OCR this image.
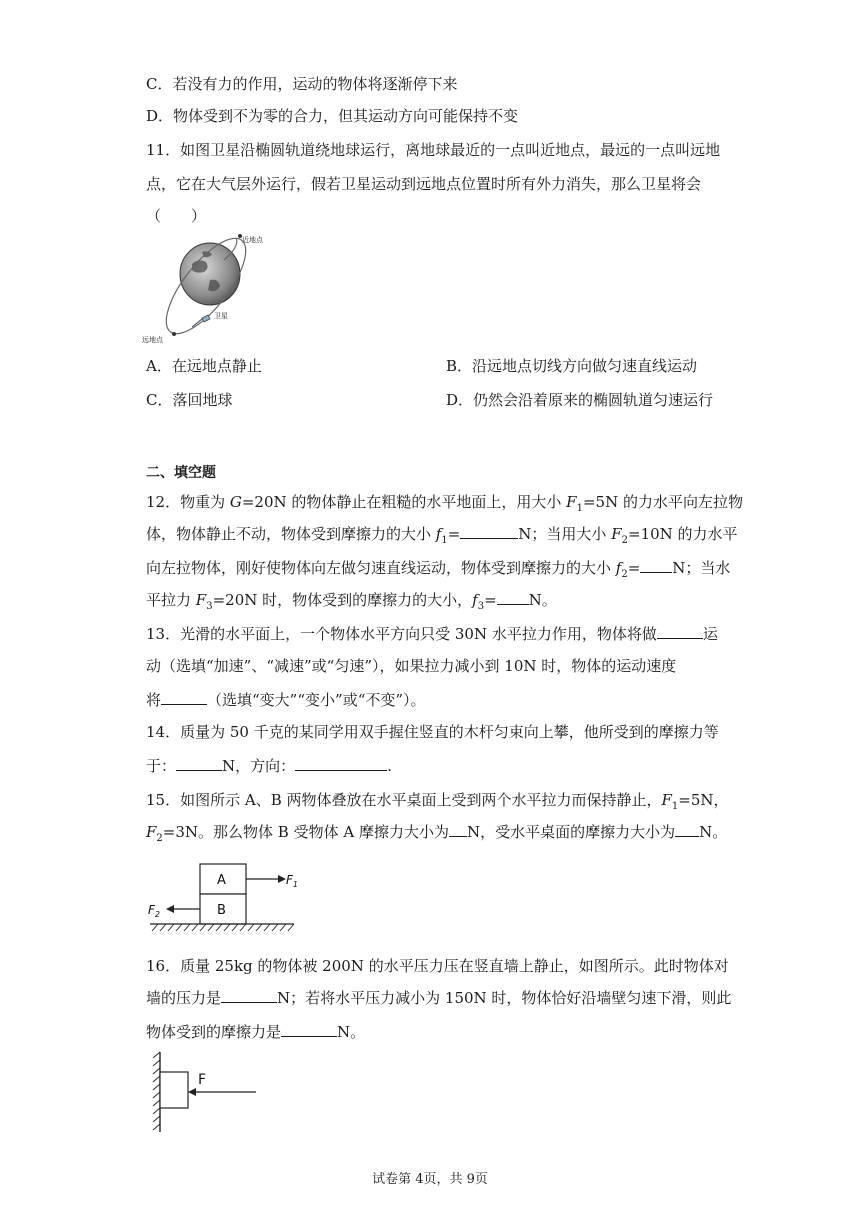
C．若没有力的作用，运动的物体将逐渐停下来
D．物体受到不为零的合力，但其运动方向可能保持不变
11．如图卫星沿椭圆轨道绕地球运行，离地球最近的一点叫近地点，最远的一点叫远地
点，它在大气层外运行，假若卫星运动到远地点位置时所有外力消失，那么卫星将会
（　　）
近地点
远地点
卫星
A．在远地点静止	B．沿远地点切线方向做匀速直线运动
C．落回地球	D．仍然会沿着原来的椭圆轨道匀速运行
二、填空题
12．物重为 G=20N 的物体静止在粗糙的水平地面上，用大小 $F_1=5N$ 的力水平向左拉物
体，物体静止不动，物体受到摩擦力的大小 $f_1=$	N；当用大小 $F_2=10N$ 的力水平
向左拉物体，刚好使物体向左做匀速直线运动，物体受到摩擦力的大小 $f_2= N$；当水
平拉力 $F_3=20N$ 时，物体受到的摩擦力的大小，$f_3= N$。
13．光滑的水平面上，一个物体水平方向只受 30N 水平拉力作用，物体将做	运
动（选填“加速”、“减速”或“匀速”），如果拉力减小到 10N 时，物体的运动速度
将	（选填“变大”“变小”或“不变”）。
14．质量为 50 千克的某同学用双手握住竖直的木杆匀束向上攀，他所受到的摩擦力等
于：	N，方向：	.
15．如图所示 A、B 两物体叠放在水平桌面上受到两个水平拉力而保持静止，$F_1=5N$，
$F_2=3N$。那么物体 B 受物体 A 摩擦力大小为 N，受水平桌面的摩擦力大小为 N。
A
B
$F_1$
$F_2$
16．质量 25kg 的物体被 200N 的水平压力压在竖直墙上静止，如图所示。此时物体对
墙的压力是	N；若将水平压力减小为 150N 时，物体恰好沿墙壁匀速下滑，则此
物体受到的摩擦力是	N。
F
试卷第 4页，共 9页
